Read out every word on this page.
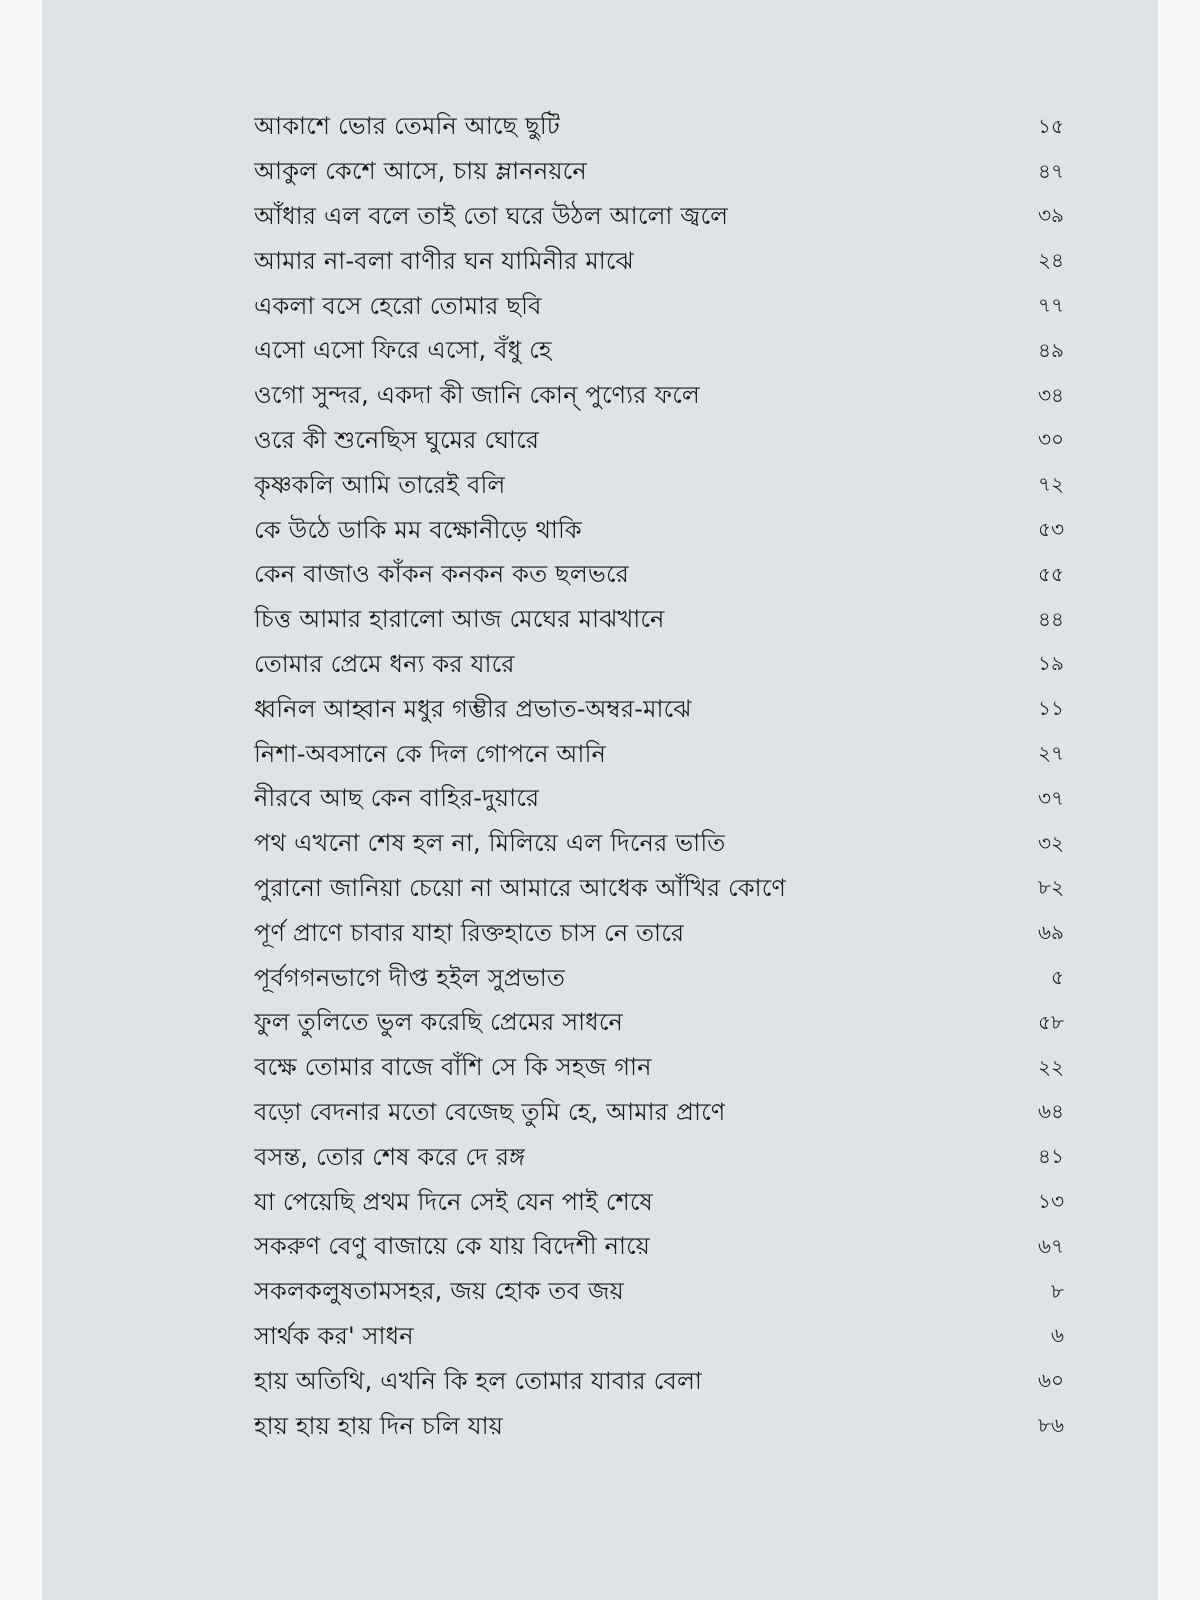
আকাশে ভোর তেমনি আছে ছুটি	১৫
আকুল কেশে আসে, চায় ম্লাননয়নে	৪৭
আঁধার এল বলে তাই তো ঘরে উঠল আলো জ্বলে	৩৯
আমার না-বলা বাণীর ঘন যামিনীর মাঝে	২৪
একলা বসে হেরো তোমার ছবি	৭৭
এসো এসো ফিরে এসো, বঁধু হে	৪৯
ওগো সুন্দর, একদা কী জানি কোন্ পুণ্যের ফলে	৩৪
ওরে কী শুনেছিস ঘুমের ঘোরে	৩০
কৃষ্ণকলি আমি তারেই বলি	৭২
কে উঠে ডাকি মম বক্ষোনীড়ে থাকি	৫৩
কেন বাজাও কাঁকন কনকন কত ছলভরে	৫৫
চিত্ত আমার হারালো আজ মেঘের মাঝখানে	৪৪
তোমার প্রেমে ধন্য কর যারে	১৯
ধ্বনিল আহ্বান মধুর গম্ভীর প্রভাত-অম্বর-মাঝে	১১
নিশা-অবসানে কে দিল গোপনে আনি	২৭
নীরবে আছ কেন বাহির-দুয়ারে	৩৭
পথ এখনো শেষ হল না, মিলিয়ে এল দিনের ভাতি	৩২
পুরানো জানিয়া চেয়ো না আমারে আধেক আঁখির কোণে	৮২
পূর্ণ প্রাণে চাবার যাহা রিক্তহাতে চাস নে তারে	৬৯
পূর্বগগনভাগে দীপ্ত হইল সুপ্রভাত	৫
ফুল তুলিতে ভুল করেছি প্রেমের সাধনে	৫৮
বক্ষে তোমার বাজে বাঁশি সে কি সহজ গান	২২
বড়ো বেদনার মতো বেজেছ তুমি হে, আমার প্রাণে	৬৪
বসন্ত, তোর শেষ করে দে রঙ্গ	৪১
যা পেয়েছি প্রথম দিনে সেই যেন পাই শেষে	১৩
সকরুণ বেণু বাজায়ে কে যায় বিদেশী নায়ে	৬৭
সকলকলুষতামসহর, জয় হোক তব জয়	৮
সার্থক কর' সাধন	৬
হায় অতিথি, এখনি কি হল তোমার যাবার বেলা	৬০
হায় হায় হায় দিন চলি যায়	৮৬
